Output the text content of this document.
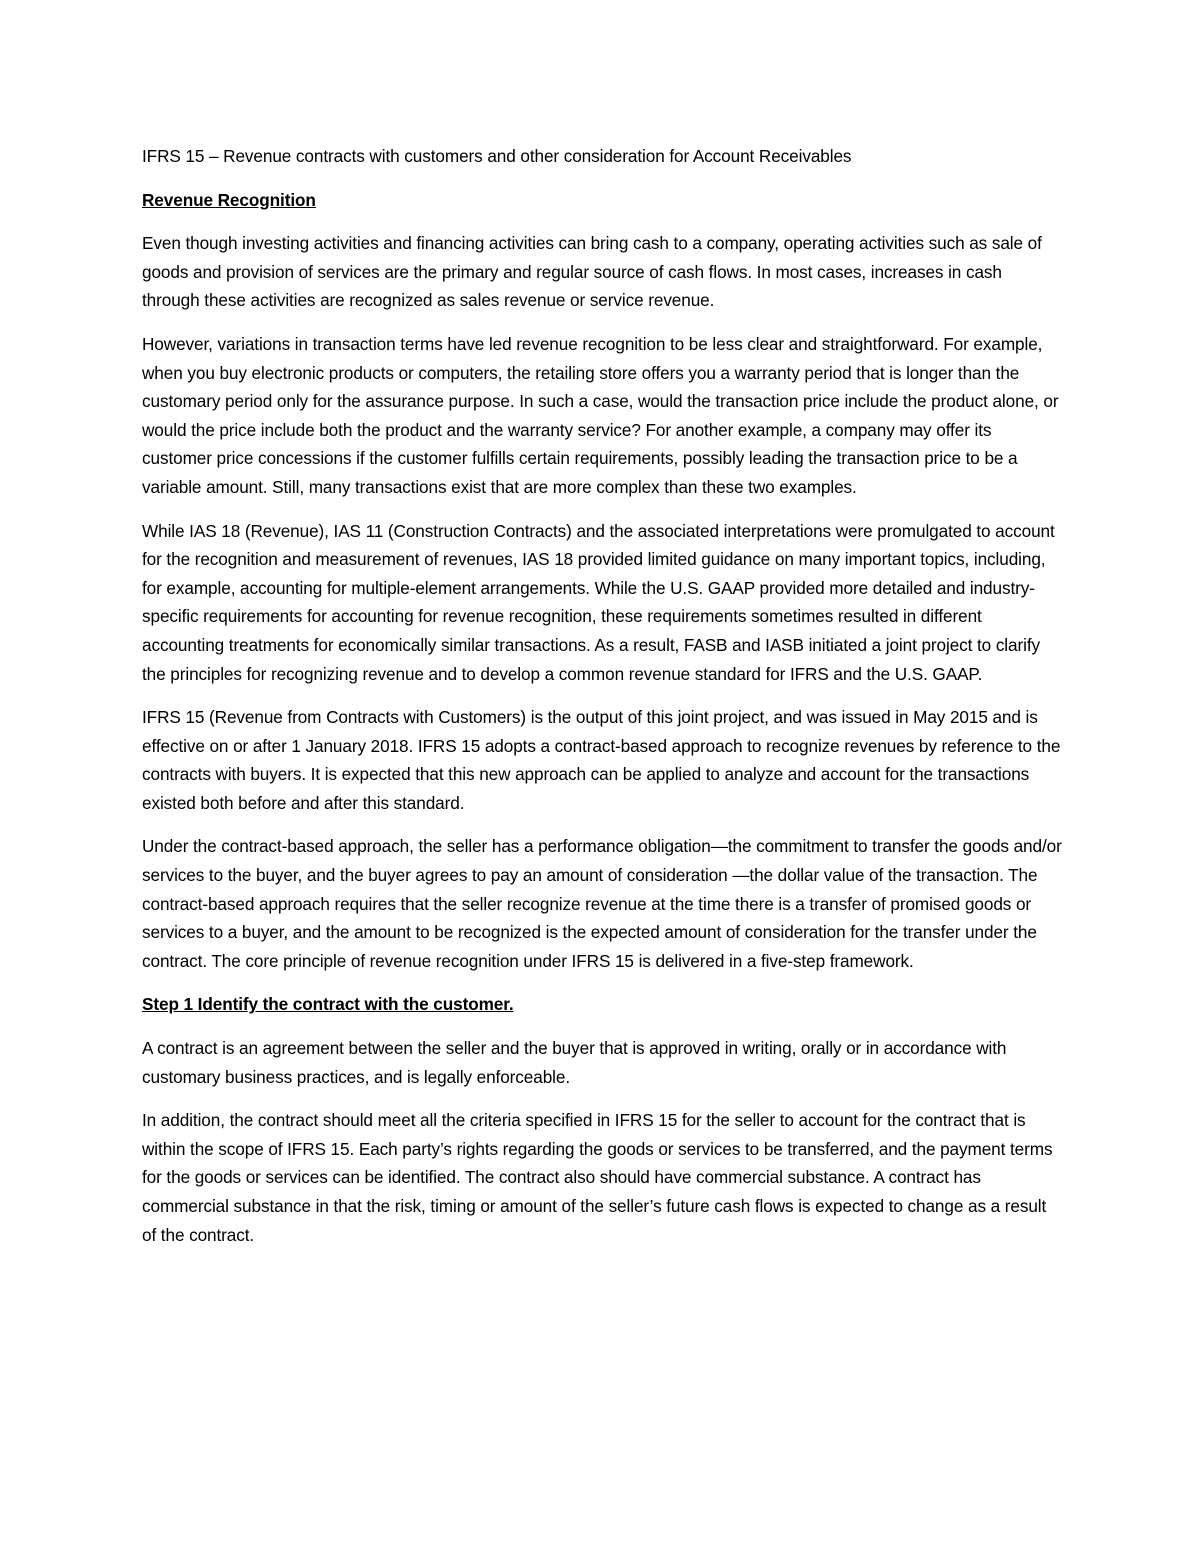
IFRS 15 – Revenue contracts with customers and other consideration for Account Receivables

Revenue Recognition

Even though investing activities and financing activities can bring cash to a company, operating activities such as sale of goods and provision of services are the primary and regular source of cash flows. In most cases, increases in cash through these activities are recognized as sales revenue or service revenue.

However, variations in transaction terms have led revenue recognition to be less clear and straightforward. For example, when you buy electronic products or computers, the retailing store offers you a warranty period that is longer than the customary period only for the assurance purpose. In such a case, would the transaction price include the product alone, or would the price include both the product and the warranty service? For another example, a company may offer its customer price concessions if the customer fulfills certain requirements, possibly leading the transaction price to be a variable amount. Still, many transactions exist that are more complex than these two examples.

While IAS 18 (Revenue), IAS 11 (Construction Contracts) and the associated interpretations were promulgated to account for the recognition and measurement of revenues, IAS 18 provided limited guidance on many important topics, including, for example, accounting for multiple-element arrangements. While the U.S. GAAP provided more detailed and industry-specific requirements for accounting for revenue recognition, these requirements sometimes resulted in different accounting treatments for economically similar transactions. As a result, FASB and IASB initiated a joint project to clarify the principles for recognizing revenue and to develop a common revenue standard for IFRS and the U.S. GAAP.

IFRS 15 (Revenue from Contracts with Customers) is the output of this joint project, and was issued in May 2015 and is effective on or after 1 January 2018. IFRS 15 adopts a contract-based approach to recognize revenues by reference to the contracts with buyers. It is expected that this new approach can be applied to analyze and account for the transactions existed both before and after this standard.

Under the contract-based approach, the seller has a performance obligation—the commitment to transfer the goods and/or services to the buyer, and the buyer agrees to pay an amount of consideration —the dollar value of the transaction. The contract-based approach requires that the seller recognize revenue at the time there is a transfer of promised goods or services to a buyer, and the amount to be recognized is the expected amount of consideration for the transfer under the contract. The core principle of revenue recognition under IFRS 15 is delivered in a five-step framework.

Step 1 Identify the contract with the customer.

A contract is an agreement between the seller and the buyer that is approved in writing, orally or in accordance with customary business practices, and is legally enforceable.

In addition, the contract should meet all the criteria specified in IFRS 15 for the seller to account for the contract that is within the scope of IFRS 15. Each party’s rights regarding the goods or services to be transferred, and the payment terms for the goods or services can be identified. The contract also should have commercial substance. A contract has commercial substance in that the risk, timing or amount of the seller’s future cash flows is expected to change as a result of the contract.
